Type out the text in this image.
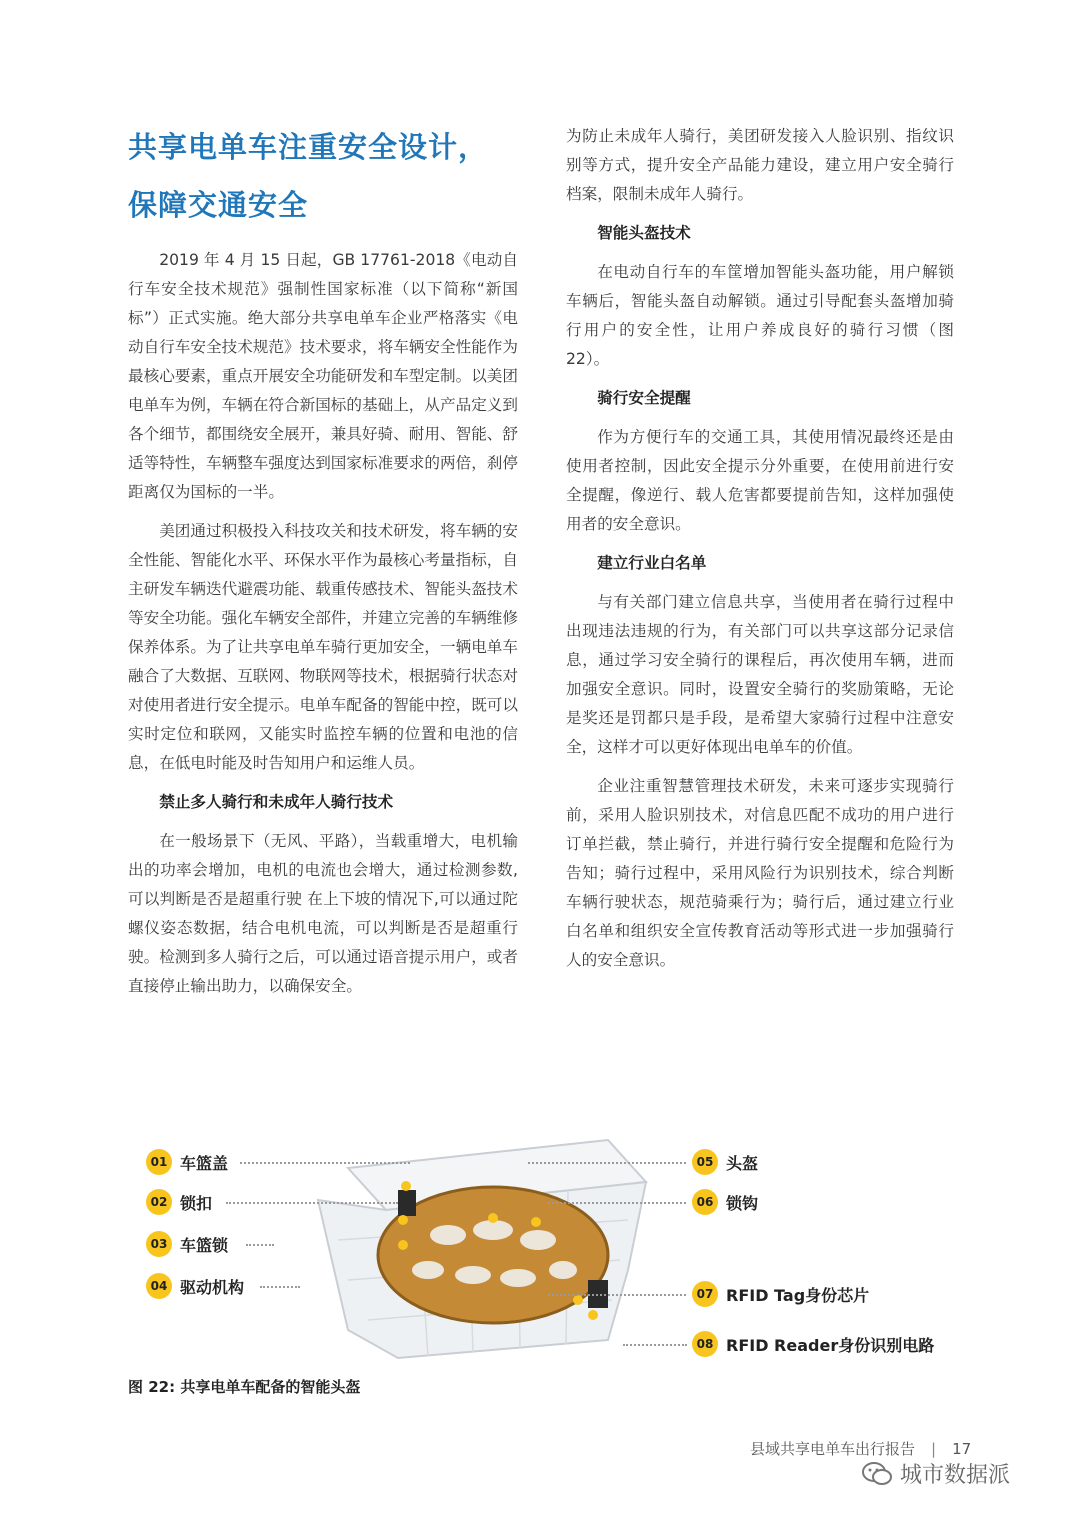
共享电单车注重安全设计，
保障交通安全

2019 年 4 月 15 日起，GB 17761-2018《电动自行车安全技术规范》强制性国家标准（以下简称“新国标”）正式实施。绝大部分共享电单车企业严格落实《电动自行车安全技术规范》技术要求，将车辆安全性能作为最核心要素，重点开展安全功能研发和车型定制。以美团电单车为例，车辆在符合新国标的基础上，从产品定义到各个细节，都围绕安全展开，兼具好骑、耐用、智能、舒适等特性，车辆整车强度达到国家标准要求的两倍，刹停距离仅为国标的一半。

美团通过积极投入科技攻关和技术研发，将车辆的安全性能、智能化水平、环保水平作为最核心考量指标，自主研发车辆迭代避震功能、载重传感技术、智能头盔技术等安全功能。强化车辆安全部件，并建立完善的车辆维修保养体系。为了让共享电单车骑行更加安全，一辆电单车融合了大数据、互联网、物联网等技术，根据骑行状态对对使用者进行安全提示。电单车配备的智能中控，既可以实时定位和联网，又能实时监控车辆的位置和电池的信息，在低电时能及时告知用户和运维人员。

禁止多人骑行和未成年人骑行技术

在一般场景下（无风、平路），当载重增大，电机输出的功率会增加，电机的电流也会增大，通过检测参数,可以判断是否是超重行驶 在上下坡的情况下,可以通过陀螺仪姿态数据，结合电机电流，可以判断是否是超重行驶。检测到多人骑行之后，可以通过语音提示用户，或者直接停止输出助力，以确保安全。

为防止未成年人骑行，美团研发接入人脸识别、指纹识别等方式，提升安全产品能力建设，建立用户安全骑行档案，限制未成年人骑行。

智能头盔技术

在电动自行车的车筐增加智能头盔功能，用户解锁车辆后，智能头盔自动解锁。通过引导配套头盔增加骑行用户的安全性，让用户养成良好的骑行习惯（图 22）。

骑行安全提醒

作为方便行车的交通工具，其使用情况最终还是由使用者控制，因此安全提示分外重要，在使用前进行安全提醒，像逆行、载人危害都要提前告知，这样加强使用者的安全意识。

建立行业白名单

与有关部门建立信息共享，当使用者在骑行过程中出现违法违规的行为，有关部门可以共享这部分记录信息，通过学习安全骑行的课程后，再次使用车辆，进而加强安全意识。同时，设置安全骑行的奖励策略，无论是奖还是罚都只是手段，是希望大家骑行过程中注意安全，这样才可以更好体现出电单车的价值。

企业注重智慧管理技术研发，未来可逐步实现骑行前，采用人脸识别技术，对信息匹配不成功的用户进行订单拦截，禁止骑行，并进行骑行安全提醒和危险行为告知；骑行过程中，采用风险行为识别技术，综合判断车辆行驶状态，规范骑乘行为；骑行后，通过建立行业白名单和组织安全宣传教育活动等形式进一步加强骑行人的安全意识。

01 车篮盖
02 锁扣
03 车篮锁
04 驱动机构
05 头盔
06 锁钩
07 RFID Tag身份芯片
08 RFID Reader身份识别电路
图 22: 共享电单车配备的智能头盔
县域共享电单车出行报告 | 17
城市数据派
